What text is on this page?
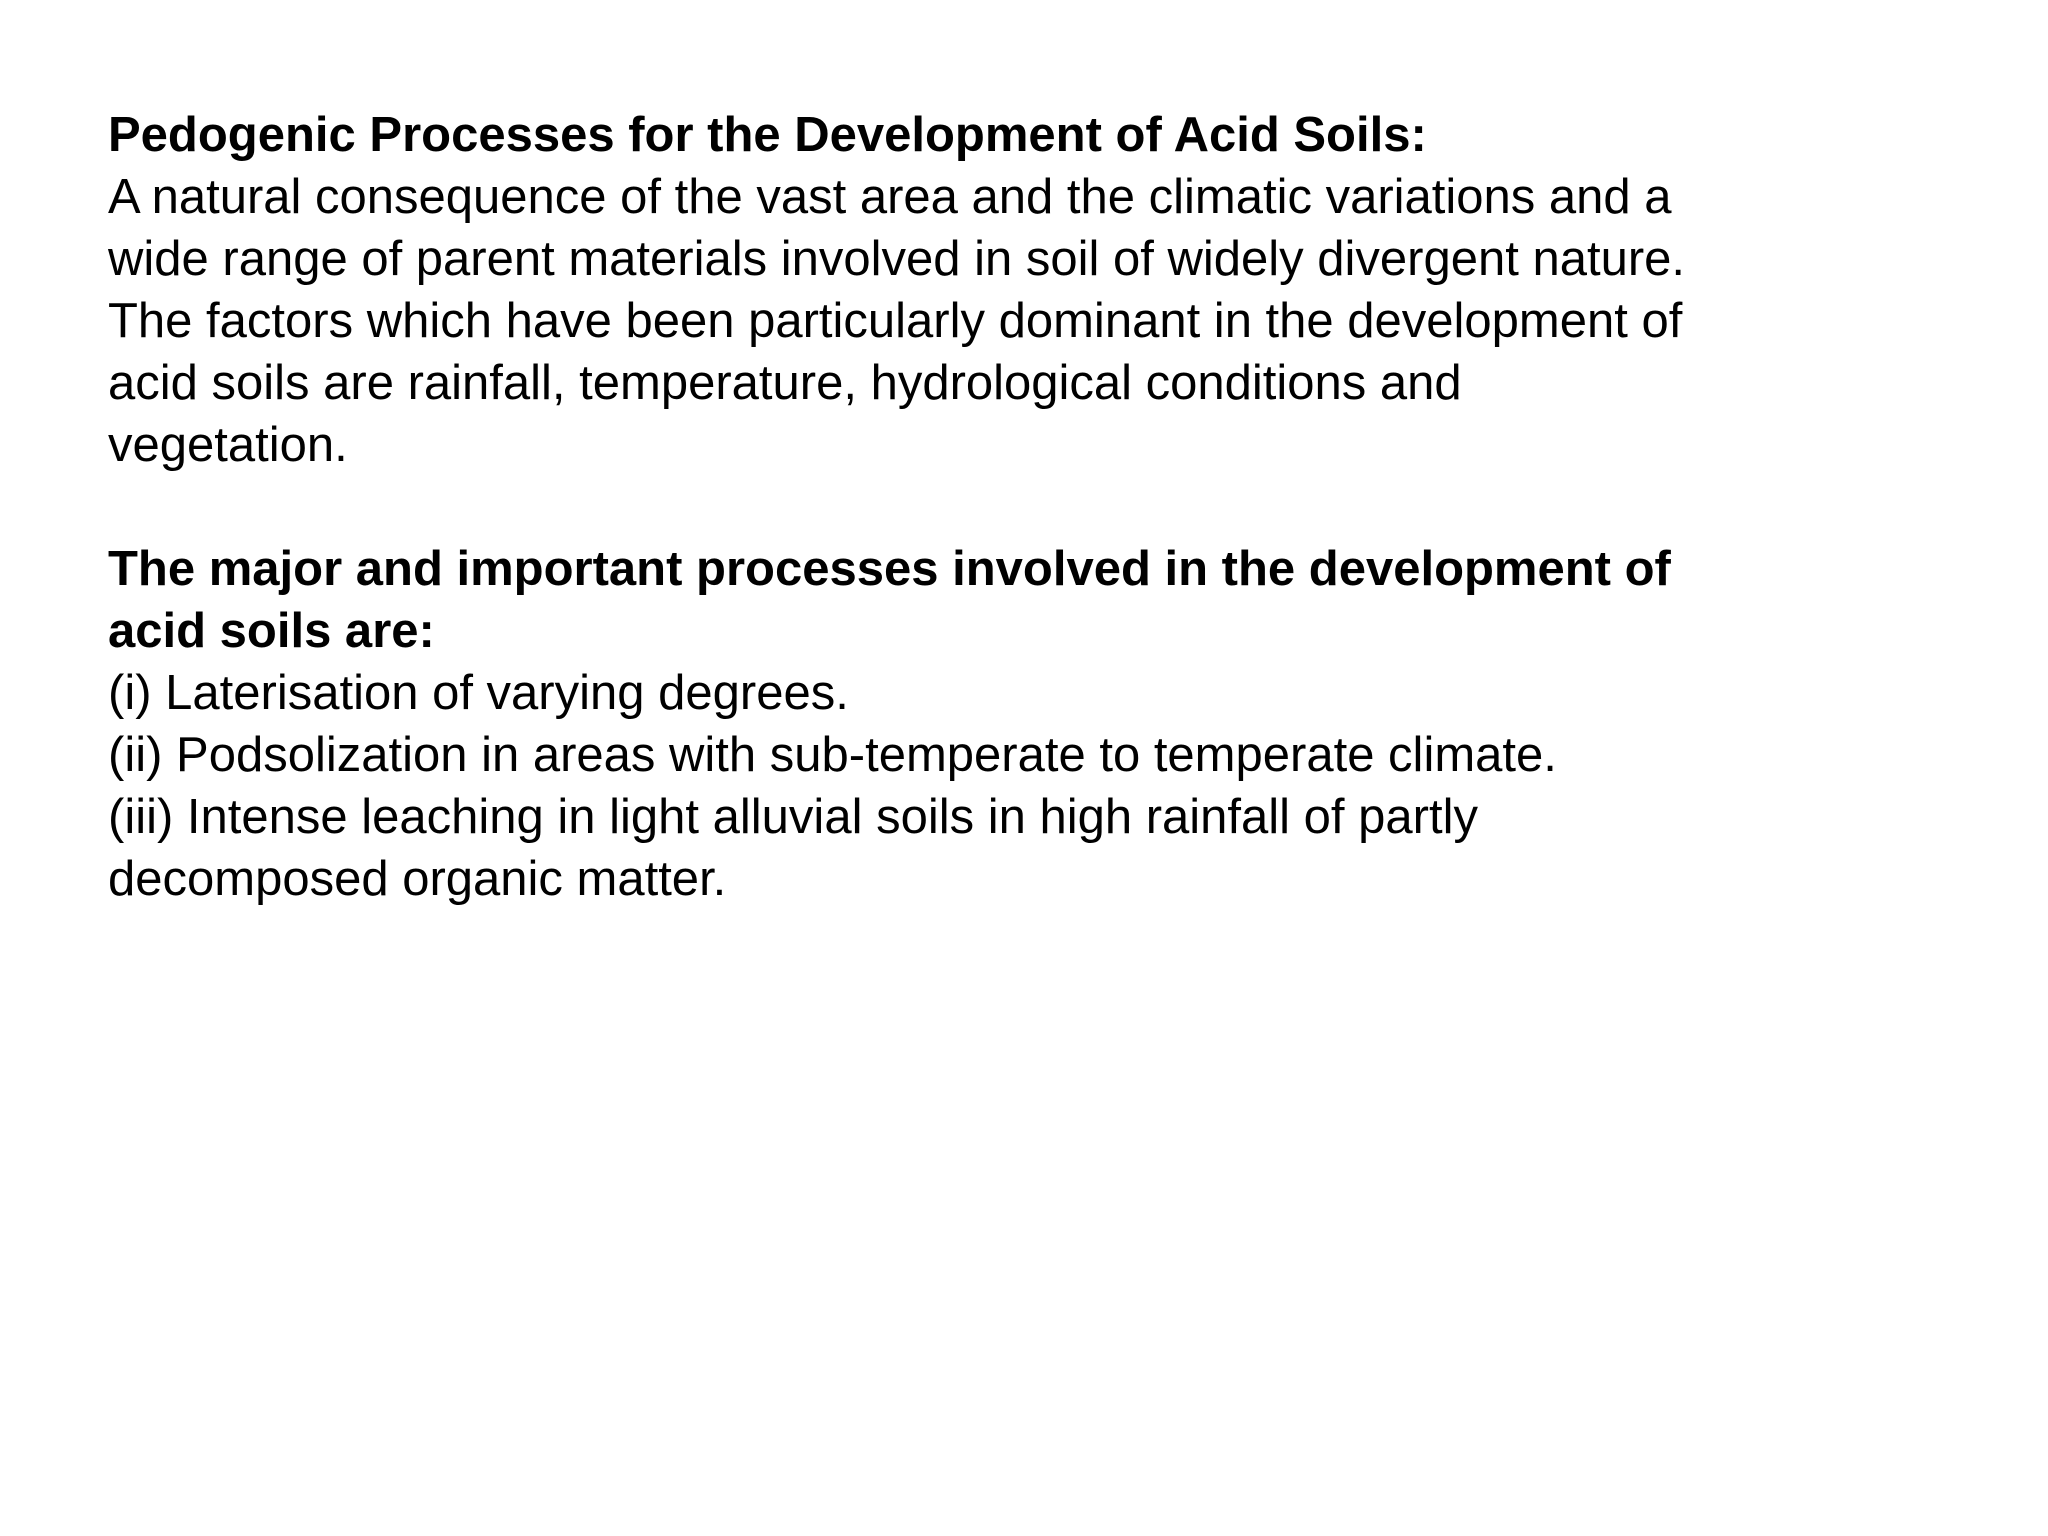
Pedogenic Processes for the Development of Acid Soils:
A natural consequence of the vast area and the climatic variations and a
wide range of parent materials involved in soil of widely divergent nature.
The factors which have been particularly dominant in the development of
acid soils are rainfall, temperature, hydrological conditions and
vegetation.
The major and important processes involved in the development of
acid soils are:
(i) Laterisation of varying degrees.
(ii) Podsolization in areas with sub-temperate to temperate climate.
(iii) Intense leaching in light alluvial soils in high rainfall of partly
decomposed organic matter.
